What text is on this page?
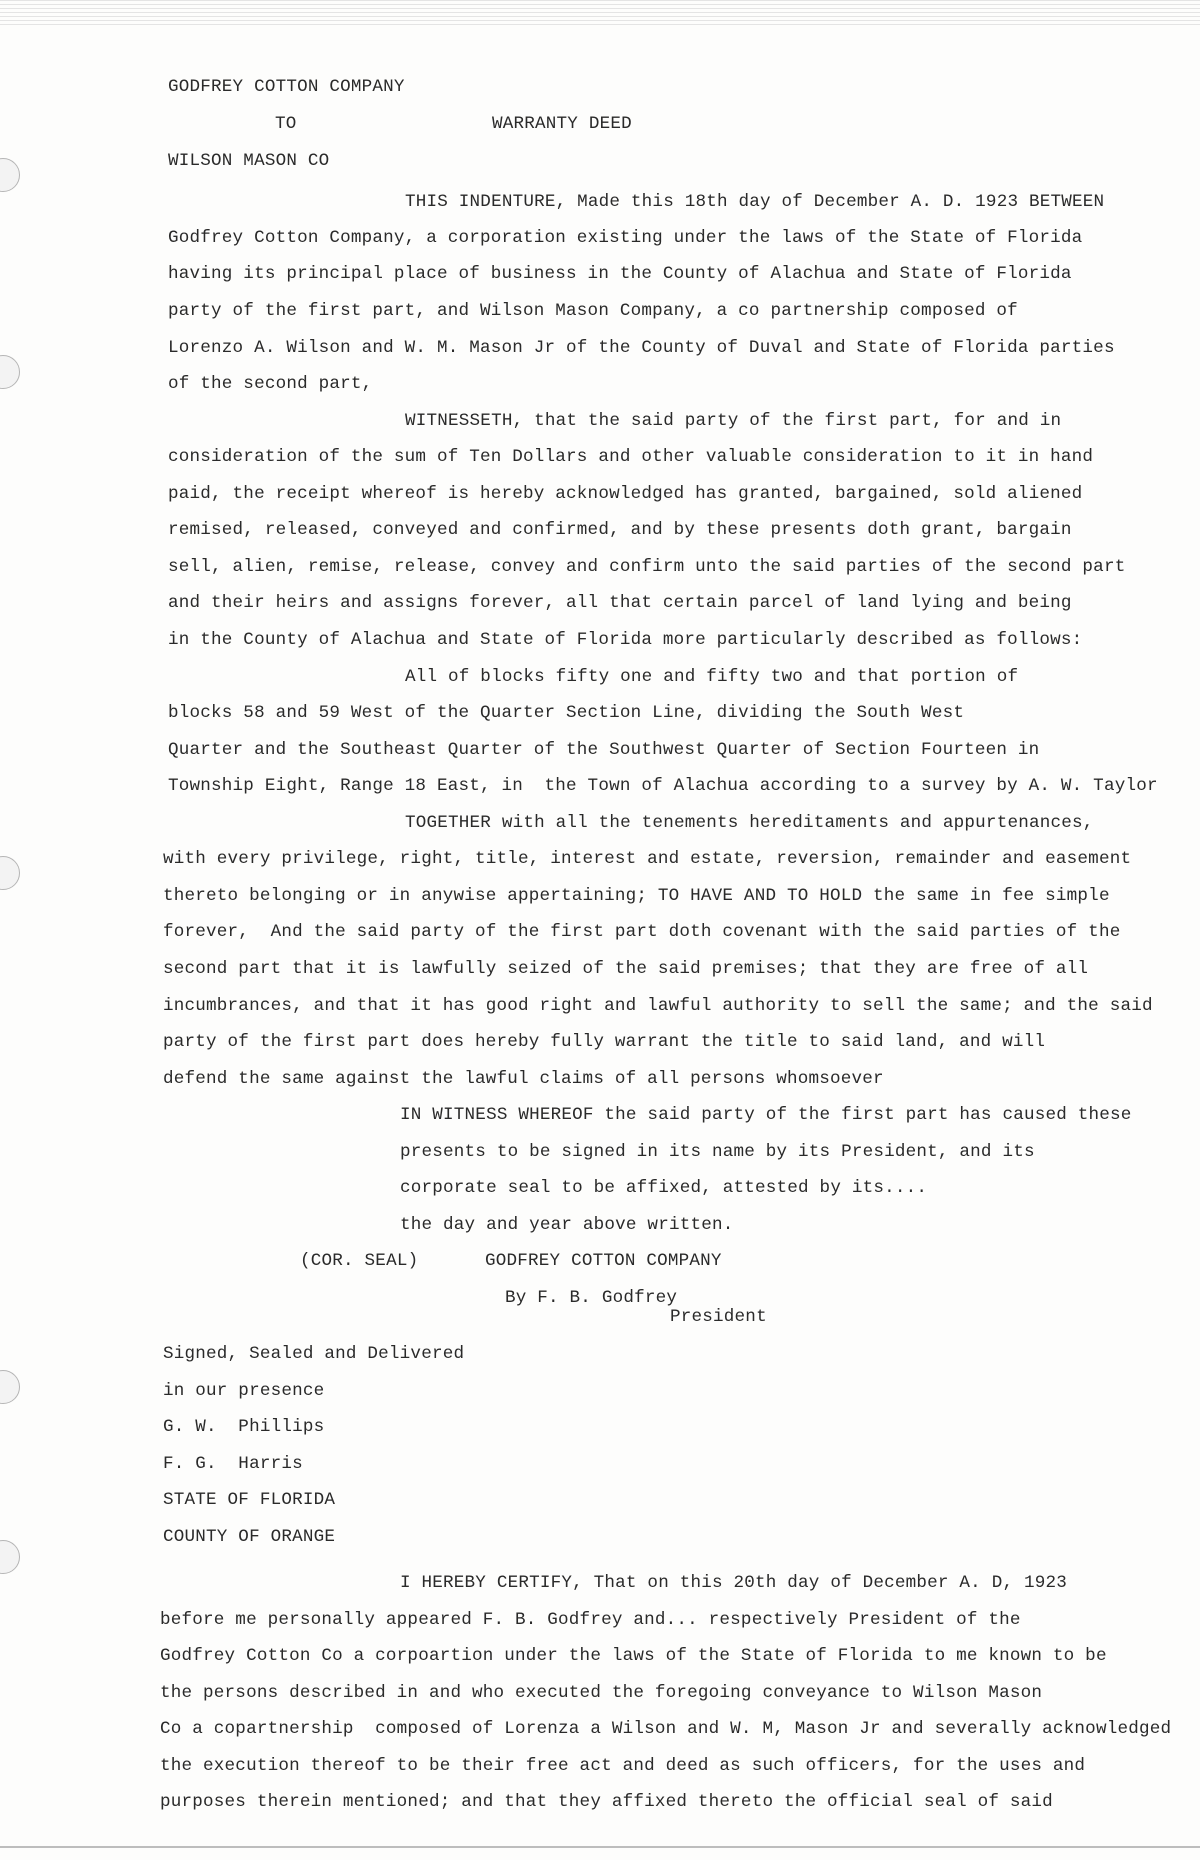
GODFREY COTTON COMPANY
TO	WARRANTY DEED
WILSON MASON CO
THIS INDENTURE, Made this 18th day of December A. D. 1923 BETWEEN
Godfrey Cotton Company, a corporation existing under the laws of the State of Florida
having its principal place of business in the County of Alachua and State of Florida
party of the first part, and Wilson Mason Company, a co partnership composed of
Lorenzo A. Wilson and W. M. Mason Jr of the County of Duval and State of Florida parties
of the second part,
WITNESSETH, that the said party of the first part, for and in
consideration of the sum of Ten Dollars and other valuable consideration to it in hand
paid, the receipt whereof is hereby acknowledged has granted, bargained, sold aliened
remised, released, conveyed and confirmed, and by these presents doth grant, bargain
sell, alien, remise, release, convey and confirm unto the said parties of the second part
and their heirs and assigns forever, all that certain parcel of land lying and being
in the County of Alachua and State of Florida more particularly described as follows:
All of blocks fifty one and fifty two and that portion of
blocks 58 and 59 West of the Quarter Section Line, dividing the South West
Quarter and the Southeast Quarter of the Southwest Quarter of Section Fourteen in
Township Eight, Range 18 East, in  the Town of Alachua according to a survey by A. W. Taylor
TOGETHER with all the tenements hereditaments and appurtenances,
with every privilege, right, title, interest and estate, reversion, remainder and easement
thereto belonging or in anywise appertaining; TO HAVE AND TO HOLD the same in fee simple
forever,  And the said party of the first part doth covenant with the said parties of the
second part that it is lawfully seized of the said premises; that they are free of all
incumbrances, and that it has good right and lawful authority to sell the same; and the said
party of the first part does hereby fully warrant the title to said land, and will
defend the same against the lawful claims of all persons whomsoever
IN WITNESS WHEREOF the said party of the first part has caused these
presents to be signed in its name by its President, and its
corporate seal to be affixed, attested by its....
the day and year above written.
(COR. SEAL)	GODFREY COTTON COMPANY
By F. B. Godfrey
President
Signed, Sealed and Delivered
in our presence
G. W.  Phillips
F. G.  Harris
STATE OF FLORIDA
COUNTY OF ORANGE
I HEREBY CERTIFY, That on this 20th day of December A. D, 1923
before me personally appeared F. B. Godfrey and... respectively President of the
Godfrey Cotton Co a corpoartion under the laws of the State of Florida to me known to be
the persons described in and who executed the foregoing conveyance to Wilson Mason
Co a copartnership  composed of Lorenza a Wilson and W. M, Mason Jr and severally acknowledged
the execution thereof to be their free act and deed as such officers, for the uses and
purposes therein mentioned; and that they affixed thereto the official seal of said
